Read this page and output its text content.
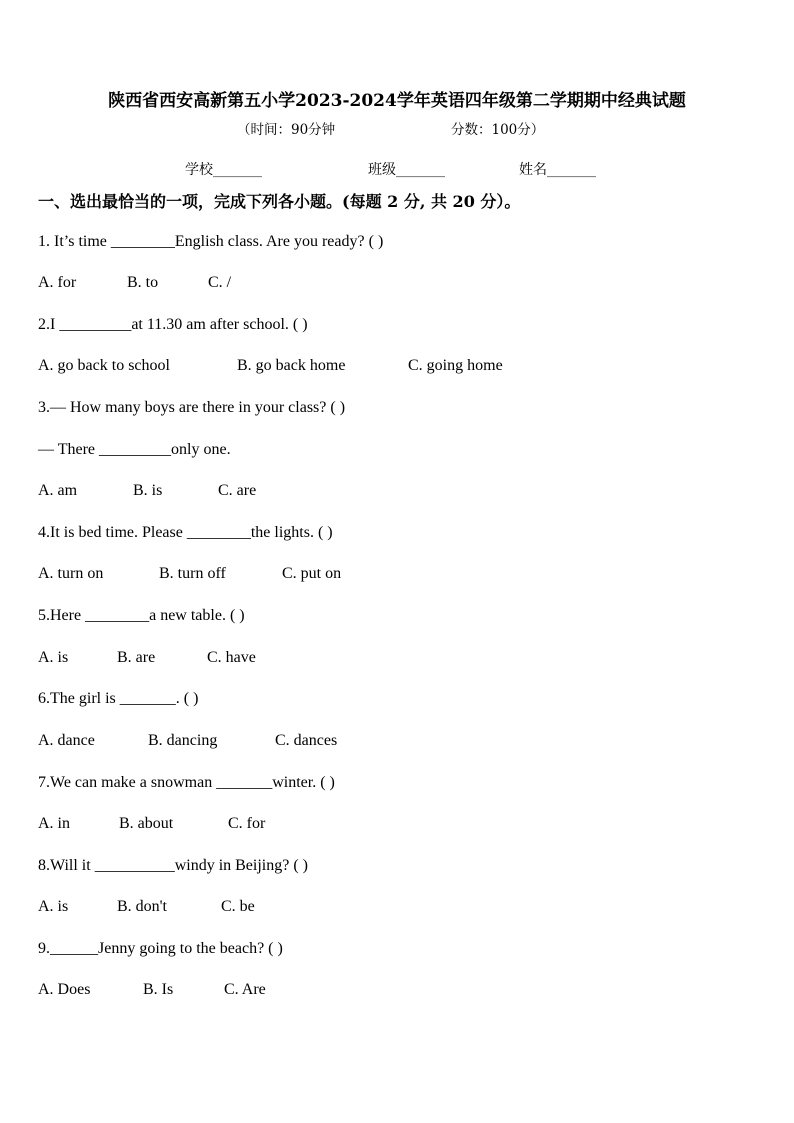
陕西省西安高新第五小学2023-2024学年英语四年级第二学期期中经典试题
（时间：90分钟	分数：100分）
学校_______	班级_______	姓名_______
一、选出最恰当的一项，完成下列各小题。(每题 2 分, 共 20 分）。
1. It’s time ________English class. Are you ready? ( )
A. for	B. to	C. /
2.I _________at 11.30 am after school. ( )
A. go back to school	B. go back home	C. going home
3.— How many boys are there in your class? ( )
— There _________only one.
A. am	B. is	C. are
4.It is bed time. Please ________the lights. ( )
A. turn on	B. turn off	C. put on
5.Here ________a new table. ( )
A. is	B. are	C. have
6.The girl is _______. ( )
A. dance	B. dancing	C. dances
7.We can make a snowman _______winter. ( )
A. in	B. about	C. for
8.Will it __________windy in Beijing? ( )
A. is	B. don't	C. be
9.______Jenny going to the beach? ( )
A. Does	B. Is	C. Are
